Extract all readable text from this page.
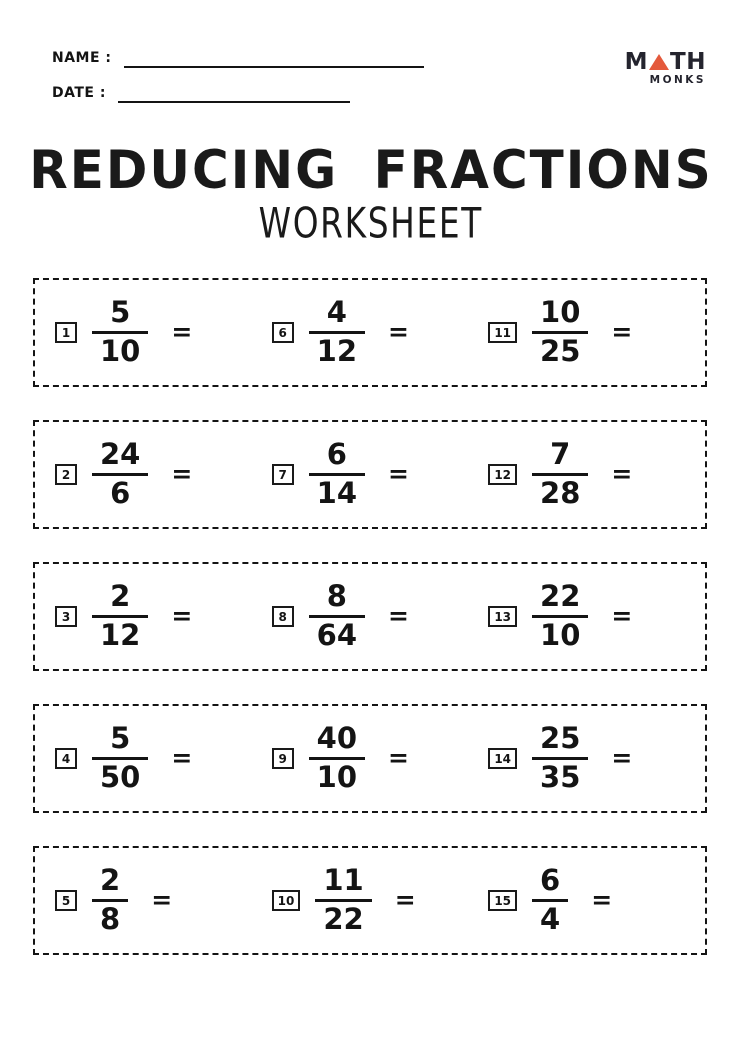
NAME :
DATE :
M TH
MONKS
REDUCING FRACTIONS
WORKSHEET
$1 \frac{5}{10}$ =	$6 \frac{4}{12}$ =	$11 \frac{10}{25}$ =
$2 \frac{24}{6}$ =	$7 \frac{6}{14}$ =	$12 \frac{7}{28}$ =
$3 \frac{2}{12}$ =	$8 \frac{8}{64}$ =	$13 \frac{22}{10}$ =
$4 \frac{5}{50}$ =	$9 \frac{40}{10}$ =	$14 \frac{25}{35}$ =
$5 \frac{2}{8}$ =	$10 \frac{11}{22}$ =	$15 \frac{6}{4}$ =
